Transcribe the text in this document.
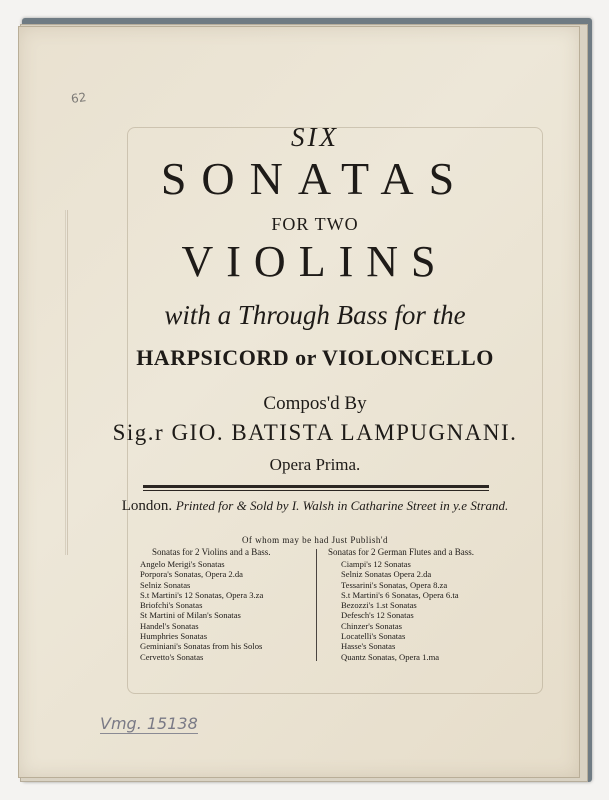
62
SIX
SONATAS
FOR TWO
VIOLINS
with a Through Bass for the
HARPSICORD or VIOLONCELLO
Compos'd By
Sig.r GIO. BATISTA LAMPUGNANI.
Opera Prima.
London. Printed for & Sold by I. Walsh in Catharine Street in y.e Strand.
Of whom may be had Just Publish'd
Sonatas for 2 Violins and a Bass.	Sonatas for 2 German Flutes and a Bass.
Angelo Merigi's Sonatas
Porpora's Sonatas, Opera 2.da
Selniz Sonatas
S.t Martini's 12 Sonatas, Opera 3.za
Briofchi's Sonatas
St Martini of Milan's Sonatas
Handel's Sonatas
Humphries Sonatas
Geminiani's Sonatas from his Solos
Cervetto's Sonatas
Ciampi's 12 Sonatas
Selniz Sonatas Opera 2.da
Tessarini's Sonatas, Opera 8.za
S.t Martini's 6 Sonatas, Opera 6.ta
Bezozzi's 1.st Sonatas
Defesch's 12 Sonatas
Chinzer's Sonatas
Locatelli's Sonatas
Hasse's Sonatas
Quantz Sonatas, Opera 1.ma
Vmg. 15138
